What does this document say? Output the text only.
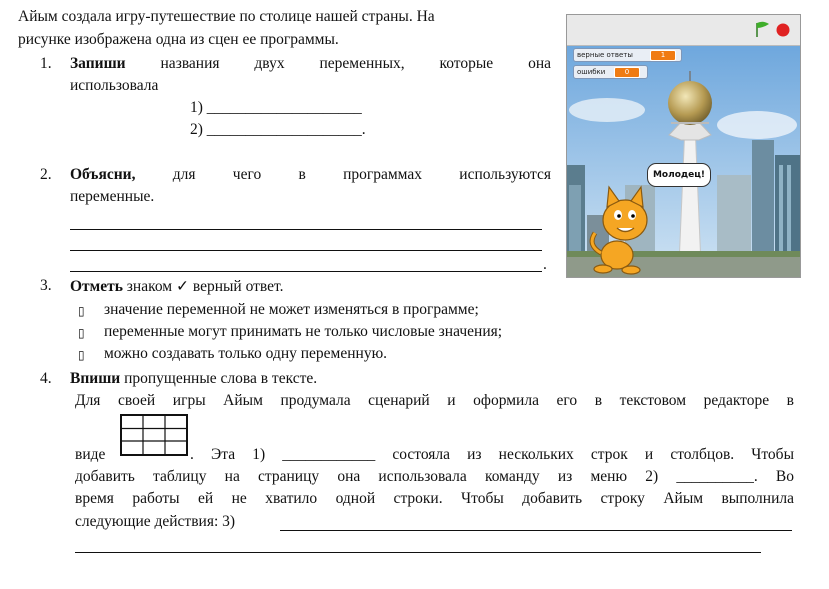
Айым создала игру-путешествие по столице нашей страны. На
рисунке изображена одна из сцен ее программы.
1. Запиши названия двух переменных, которые она
использовала
1) ____________________
2) ____________________.
2. Объясни, для чего в программах используются
переменные.
.
3. Отметь знаком ✓ верный ответ.
▯ значение переменной не может изменяться в программе;
▯ переменные могут принимать не только числовые значения;
▯ можно создавать только одну переменную.
4. Впиши пропущенные слова в тексте.
Для своей игры Айым продумала сценарий и оформила его в текстовом редакторе в
виде	. Эта 1) ____________ состояла из нескольких строк и столбцов. Чтобы
добавить таблицу на страницу она использовала команду из меню 2) __________. Во
время работы ей не хватило одной строки. Чтобы добавить строку Айым выполнила
следующие действия: 3)
верные ответы	1
ошибки	0
Молодец!
